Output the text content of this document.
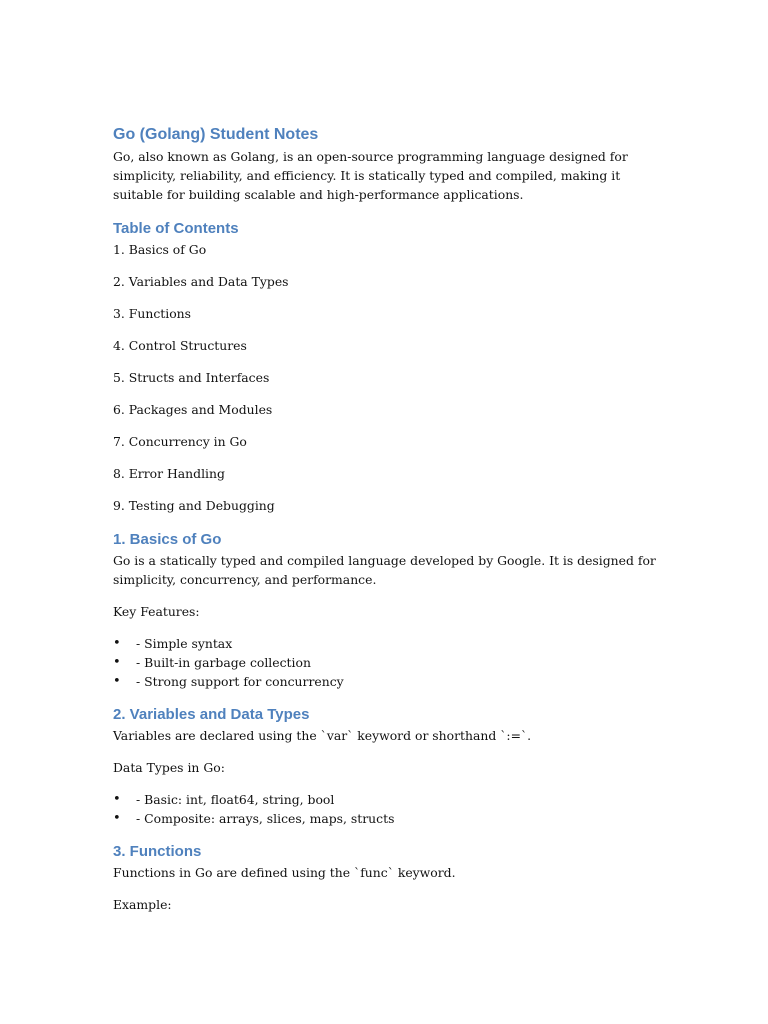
Go (Golang) Student Notes

Go, also known as Golang, is an open-source programming language designed for simplicity, reliability, and efficiency. It is statically typed and compiled, making it suitable for building scalable and high-performance applications.

Table of Contents
1. Basics of Go
2. Variables and Data Types
3. Functions
4. Control Structures
5. Structs and Interfaces
6. Packages and Modules
7. Concurrency in Go
8. Error Handling
9. Testing and Debugging
1. Basics of Go

Go is a statically typed and compiled language developed by Google. It is designed for simplicity, concurrency, and performance.

Key Features:

• - Simple syntax
• - Built-in garbage collection
• - Strong support for concurrency
2. Variables and Data Types

Variables are declared using the `var` keyword or shorthand `:=`.

Data Types in Go:

• - Basic: int, float64, string, bool
• - Composite: arrays, slices, maps, structs
3. Functions

Functions in Go are defined using the `func` keyword.

Example:
